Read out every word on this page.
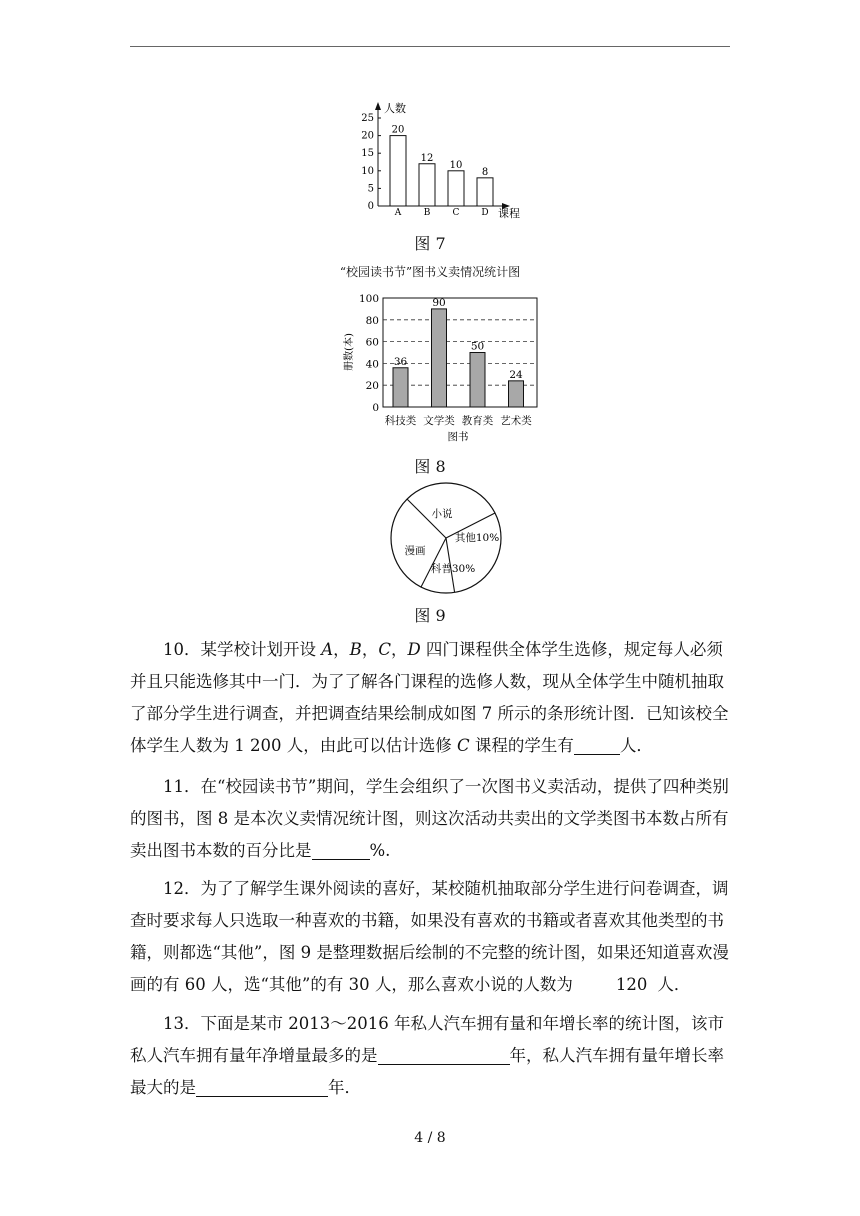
人数
课程
0
5
10
15
20
25
20
A
12
B
10
C
8
D
图 7
“校园读书节”图书义卖情况统计图
0
20
40
60
80
100
册数(本)	36
科技类
90
文学类
50
教育类
24
艺术类
图书
图 8
小说
其他10%
科普30%
漫画
图 9
10．某学校计划开设 A，B，C，D 四门课程供全体学生选修，规定每人必须并且只能选修其中一门．为了了解各门课程的选修人数，现从全体学生中随机抽取了部分学生进行调查，并把调查结果绘制成如图 7 所示的条形统计图．已知该校全体学生人数为 1 200 人，由此可以估计选修 C 课程的学生有	人．
11．在“校园读书节”期间，学生会组织了一次图书义卖活动，提供了四种类别的图书，图 8 是本次义卖情况统计图，则这次活动共卖出的文学类图书本数占所有卖出图书本数的百分比是	%.
12．为了了解学生课外阅读的喜好，某校随机抽取部分学生进行问卷调查，调查时要求每人只选取一种喜欢的书籍，如果没有喜欢的书籍或者喜欢其他类型的书籍，则都选“其他”，图 9 是整理数据后绘制的不完整的统计图，如果还知道喜欢漫画的有 60 人，选“其他”的有 30 人，那么喜欢小说的人数为	120 人．
13．下面是某市 2013～2016 年私人汽车拥有量和年增长率的统计图，该市私人汽车拥有量年净增量最多的是	年，私人汽车拥有量年增长率最大的是	年．
4 / 8
